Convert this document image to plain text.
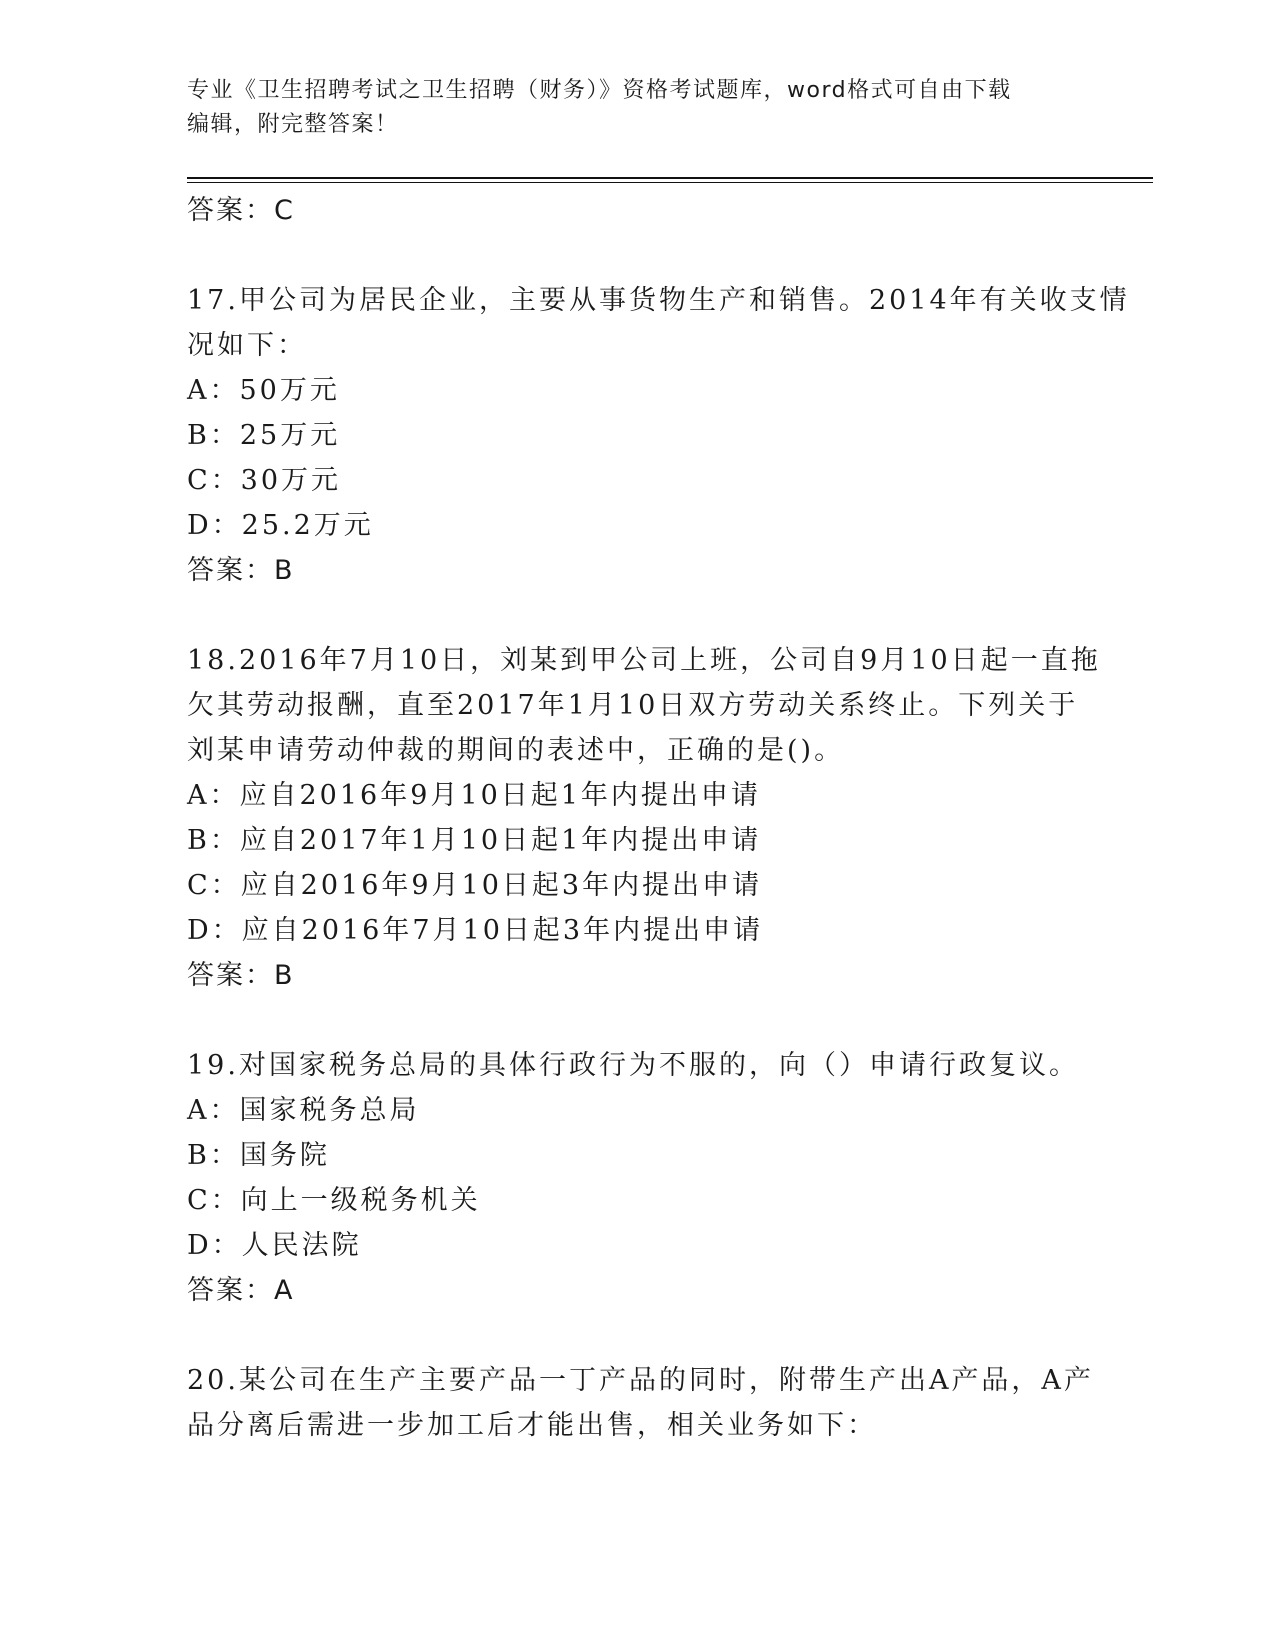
专业《卫生招聘考试之卫生招聘（财务）》资格考试题库，word格式可自由下载
编辑，附完整答案！
答案：C
17.甲公司为居民企业，主要从事货物生产和销售。2014年有关收支情
况如下：
A：50万元
B：25万元
C：30万元
D：25.2万元
答案：B
18.2016年7月10日，刘某到甲公司上班，公司自9月10日起一直拖
欠其劳动报酬，直至2017年1月10日双方劳动关系终止。下列关于
刘某申请劳动仲裁的期间的表述中，正确的是()。
A：应自2016年9月10日起1年内提出申请
B：应自2017年1月10日起1年内提出申请
C：应自2016年9月10日起3年内提出申请
D：应自2016年7月10日起3年内提出申请
答案：B
19.对国家税务总局的具体行政行为不服的，向（）申请行政复议。
A：国家税务总局
B：国务院
C：向上一级税务机关
D：人民法院
答案：A
20.某公司在生产主要产品一丁产品的同时，附带生产出A产品，A产
品分离后需进一步加工后才能出售，相关业务如下：
